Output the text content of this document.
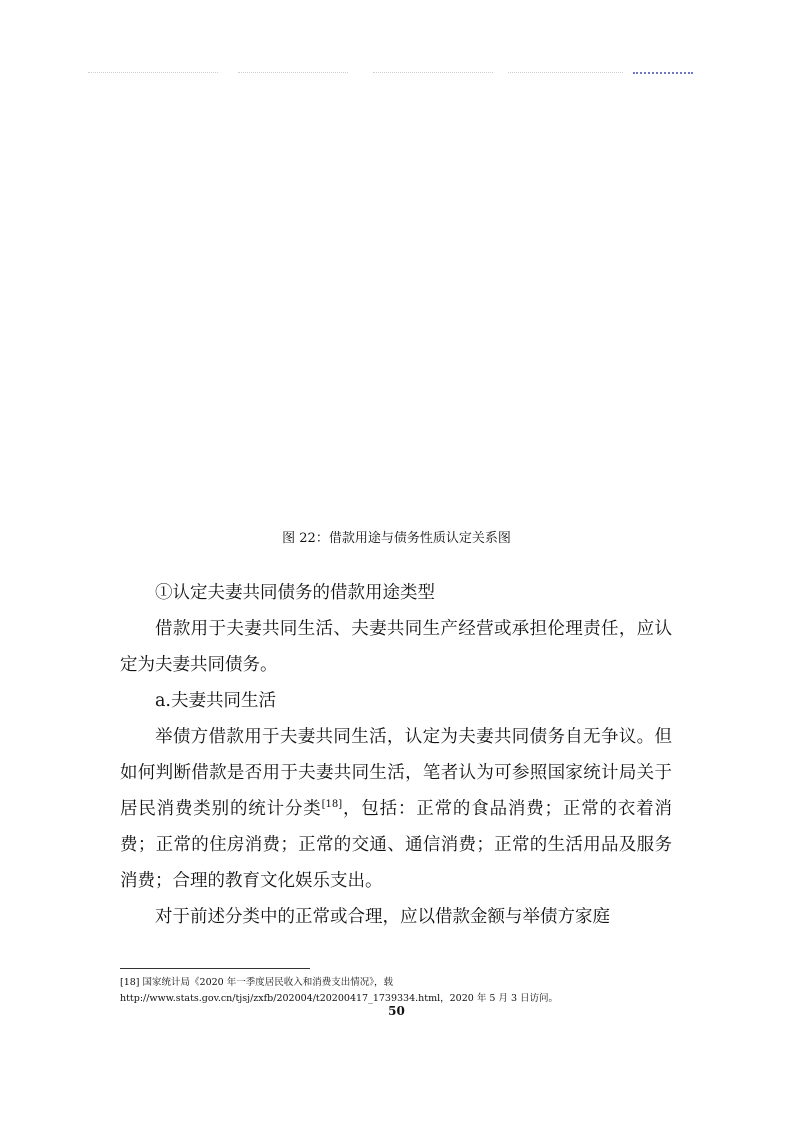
图 22：借款用途与债务性质认定关系图

①认定夫妻共同债务的借款用途类型

借款用于夫妻共同生活、夫妻共同生产经营或承担伦理责任，应认定为夫妻共同债务。

a.夫妻共同生活

举债方借款用于夫妻共同生活，认定为夫妻共同债务自无争议。但如何判断借款是否用于夫妻共同生活，笔者认为可参照国家统计局关于居民消费类别的统计分类[18]，包括：正常的食品消费；正常的衣着消费；正常的住房消费；正常的交通、通信消费；正常的生活用品及服务消费；合理的教育文化娱乐支出。

对于前述分类中的正常或合理，应以借款金额与举债方家庭

[18] 国家统计局《2020 年一季度居民收入和消费支出情况》，载
http://www.stats.gov.cn/tjsj/zxfb/202004/t20200417_1739334.html，2020 年 5 月 3 日访问。
50
